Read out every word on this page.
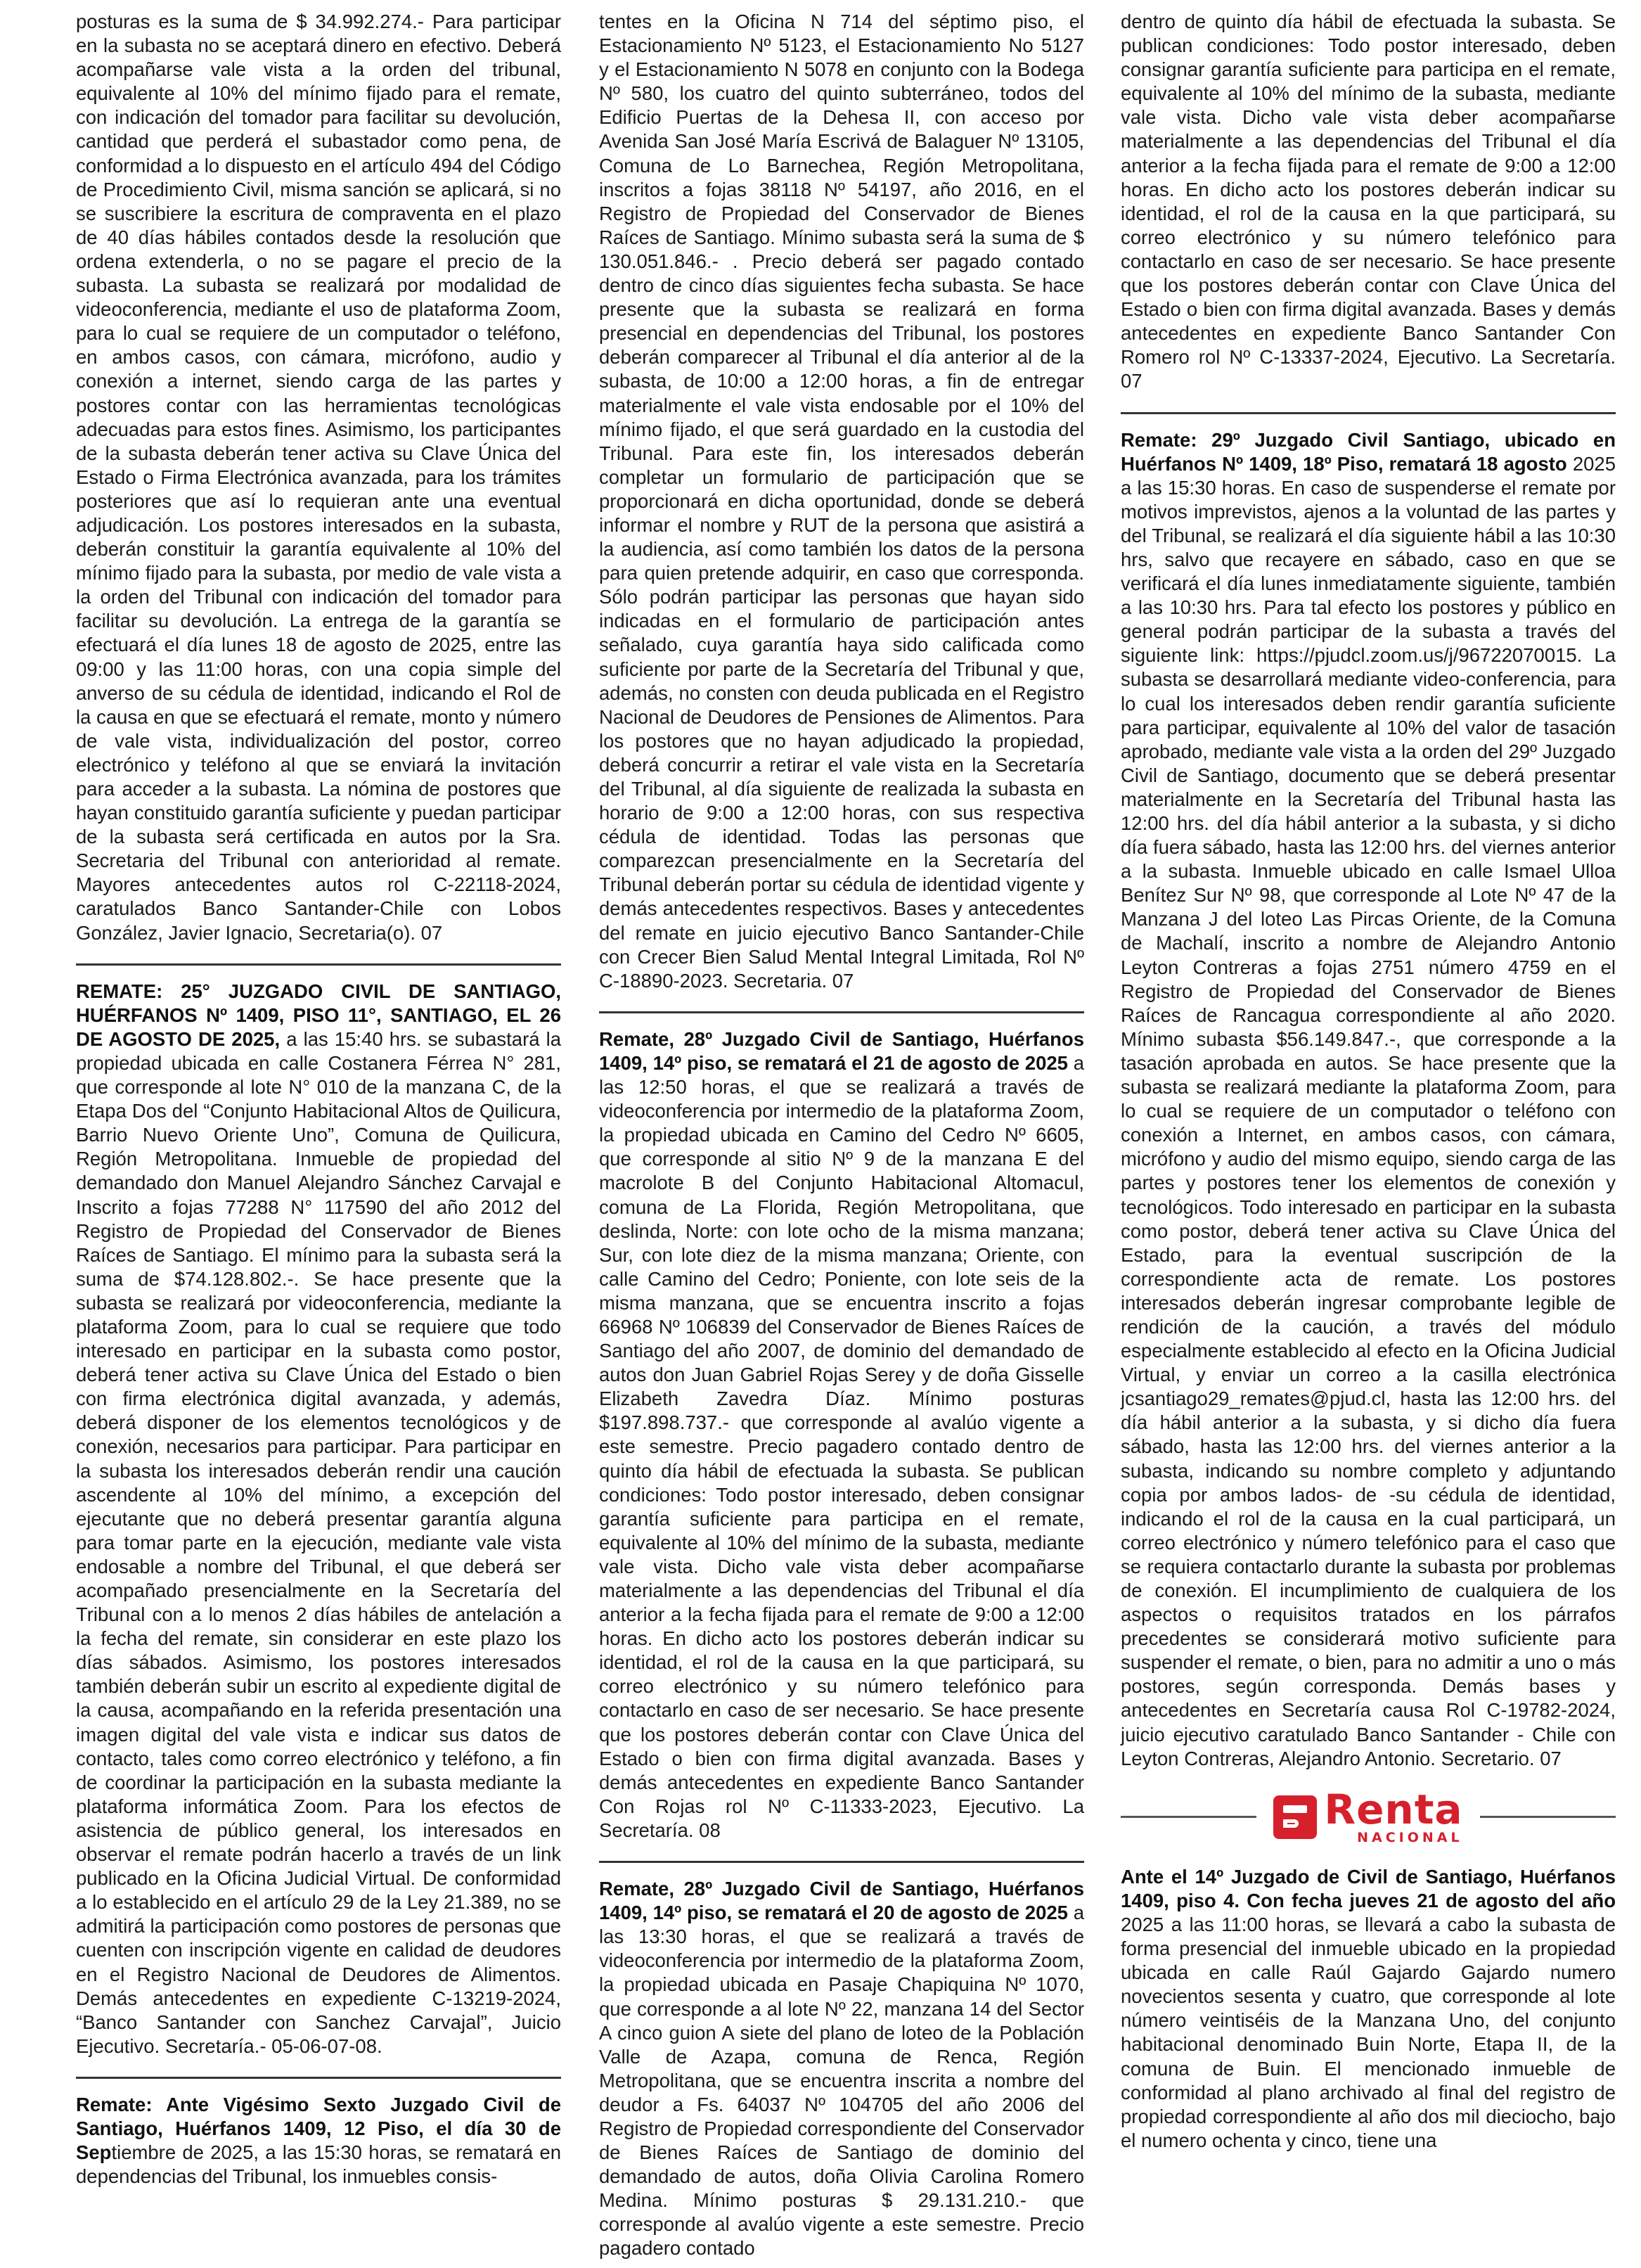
posturas es la suma de $ 34.992.274.- Para participar en la subasta no se aceptará dinero en efectivo. Deberá acompañarse vale vista a la orden del tribunal, equivalente al 10% del mínimo fijado para el remate, con indicación del tomador para facilitar su devolución, cantidad que perderá el subastador como pena, de conformidad a lo dispuesto en el artículo 494 del Código de Procedimiento Civil, misma sanción se aplicará, si no se suscribiere la escritura de compraventa en el plazo de 40 días hábiles contados desde la resolución que ordena extenderla, o no se pagare el precio de la subasta. La subasta se realizará por modalidad de videoconferencia, mediante el uso de plataforma Zoom, para lo cual se requiere de un computador o teléfono, en ambos casos, con cámara, micrófono, audio y conexión a internet, siendo carga de las partes y postores contar con las herramientas tecnológicas adecuadas para estos fines. Asimismo, los participantes de la subasta deberán tener activa su Clave Única del Estado o Firma Electrónica avanzada, para los trámites posteriores que así lo requieran ante una eventual adjudicación. Los postores interesados en la subasta, deberán constituir la garantía equivalente al 10% del mínimo fijado para la subasta, por medio de vale vista a la orden del Tribunal con indicación del tomador para facilitar su devolución. La entrega de la garantía se efectuará el día lunes 18 de agosto de 2025, entre las 09:00 y las 11:00 horas, con una copia simple del anverso de su cédula de identidad, indicando el Rol de la causa en que se efectuará el remate, monto y número de vale vista, individualización del postor, correo electrónico y teléfono al que se enviará la invitación para acceder a la subasta. La nómina de postores que hayan constituido garantía suficiente y puedan participar de la subasta será certificada en autos por la Sra. Secretaria del Tribunal con anterioridad al remate. Mayores antecedentes autos rol C-22118-2024, caratulados Banco Santander-Chile con Lobos González, Javier Ignacio, Secretaria(o). 07

REMATE: 25° JUZGADO CIVIL DE SANTIAGO, HUÉRFANOS Nº 1409, PISO 11°, SANTIAGO, EL 26 DE AGOSTO DE 2025, a las 15:40 hrs. se subastará la propiedad ubicada en calle Costanera Férrea N° 281, que corresponde al lote N° 010 de la manzana C, de la Etapa Dos del “Conjunto Habitacional Altos de Quilicura, Barrio Nuevo Oriente Uno”, Comuna de Quilicura, Región Metropolitana. Inmueble de propiedad del demandado don Manuel Alejandro Sánchez Carvajal e Inscrito a fojas 77288 N° 117590 del año 2012 del Registro de Propiedad del Conservador de Bienes Raíces de Santiago. El mínimo para la subasta será la suma de $74.128.802.-. Se hace presente que la subasta se realizará por videoconferencia, mediante la plataforma Zoom, para lo cual se requiere que todo interesado en participar en la subasta como postor, deberá tener activa su Clave Única del Estado o bien con firma electrónica digital avanzada, y además, deberá disponer de los elementos tecnológicos y de conexión, necesarios para participar. Para participar en la subasta los interesados deberán rendir una caución ascendente al 10% del mínimo, a excepción del ejecutante que no deberá presentar garantía alguna para tomar parte en la ejecución, mediante vale vista endosable a nombre del Tribunal, el que deberá ser acompañado presencialmente en la Secretaría del Tribunal con a lo menos 2 días hábiles de antelación a la fecha del remate, sin considerar en este plazo los días sábados. Asimismo, los postores interesados también deberán subir un escrito al expediente digital de la causa, acompañando en la referida presentación una imagen digital del vale vista e indicar sus datos de contacto, tales como correo electrónico y teléfono, a fin de coordinar la participación en la subasta mediante la plataforma informática Zoom. Para los efectos de asistencia de público general, los interesados en observar el remate podrán hacerlo a través de un link publicado en la Oficina Judicial Virtual. De conformidad a lo establecido en el artículo 29 de la Ley 21.389, no se admitirá la participación como postores de personas que cuenten con inscripción vigente en calidad de deudores en el Registro Nacional de Deudores de Alimentos. Demás antecedentes en expediente C-13219-2024, “Banco Santander con Sanchez Carvajal”, Juicio Ejecutivo. Secretaría.- 05-06-07-08.

Remate: Ante Vigésimo Sexto Juzgado Civil de Santiago, Huérfanos 1409, 12 Piso, el día 30 de Septiembre de 2025, a las 15:30 horas, se rematará en dependencias del Tribunal, los inmuebles consis-

tentes en la Oficina N 714 del séptimo piso, el Estacionamiento Nº 5123, el Estacionamiento No 5127 y el Estacionamiento N 5078 en conjunto con la Bodega Nº 580, los cuatro del quinto subterráneo, todos del Edificio Puertas de la Dehesa II, con acceso por Avenida San José María Escrivá de Balaguer Nº 13105, Comuna de Lo Barnechea, Región Metropolitana, inscritos a fojas 38118 Nº 54197, año 2016, en el Registro de Propiedad del Conservador de Bienes Raíces de Santiago. Mínimo subasta será la suma de $ 130.051.846.- . Precio deberá ser pagado contado dentro de cinco días siguientes fecha subasta. Se hace presente que la subasta se realizará en forma presencial en dependencias del Tribunal, los postores deberán comparecer al Tribunal el día anterior al de la subasta, de 10:00 a 12:00 horas, a fin de entregar materialmente el vale vista endosable por el 10% del mínimo fijado, el que será guardado en la custodia del Tribunal. Para este fin, los interesados deberán completar un formulario de participación que se proporcionará en dicha oportunidad, donde se deberá informar el nombre y RUT de la persona que asistirá a la audiencia, así como también los datos de la persona para quien pretende adquirir, en caso que corresponda. Sólo podrán participar las personas que hayan sido indicadas en el formulario de participación antes señalado, cuya garantía haya sido calificada como suficiente por parte de la Secretaría del Tribunal y que, además, no consten con deuda publicada en el Registro Nacional de Deudores de Pensiones de Alimentos. Para los postores que no hayan adjudicado la propiedad, deberá concurrir a retirar el vale vista en la Secretaría del Tribunal, al día siguiente de realizada la subasta en horario de 9:00 a 12:00 horas, con sus respectiva cédula de identidad. Todas las personas que comparezcan presencialmente en la Secretaría del Tribunal deberán portar su cédula de identidad vigente y demás antecedentes respectivos. Bases y antecedentes del remate en juicio ejecutivo Banco Santander-Chile con Crecer Bien Salud Mental Integral Limitada, Rol Nº C-18890-2023. Secretaria. 07

Remate, 28º Juzgado Civil de Santiago, Huérfanos 1409, 14º piso, se rematará el 21 de agosto de 2025 a las 12:50 horas, el que se realizará a través de videoconferencia por intermedio de la plataforma Zoom, la propiedad ubicada en Camino del Cedro Nº 6605, que corresponde al sitio Nº 9 de la manzana E del macrolote B del Conjunto Habitacional Altomacul, comuna de La Florida, Región Metropolitana, que deslinda, Norte: con lote ocho de la misma manzana; Sur, con lote diez de la misma manzana; Oriente, con calle Camino del Cedro; Poniente, con lote seis de la misma manzana, que se encuentra inscrito a fojas 66968 Nº 106839 del Conservador de Bienes Raíces de Santiago del año 2007, de dominio del demandado de autos don Juan Gabriel Rojas Serey y de doña Gisselle Elizabeth Zavedra Díaz. Mínimo posturas $197.898.737.- que corresponde al avalúo vigente a este semestre. Precio pagadero contado dentro de quinto día hábil de efectuada la subasta. Se publican condiciones: Todo postor interesado, deben consignar garantía suficiente para participa en el remate, equivalente al 10% del mínimo de la subasta, mediante vale vista. Dicho vale vista deber acompañarse materialmente a las dependencias del Tribunal el día anterior a la fecha fijada para el remate de 9:00 a 12:00 horas. En dicho acto los postores deberán indicar su identidad, el rol de la causa en la que participará, su correo electrónico y su número telefónico para contactarlo en caso de ser necesario. Se hace presente que los postores deberán contar con Clave Única del Estado o bien con firma digital avanzada. Bases y demás antecedentes en expediente Banco Santander Con Rojas rol Nº C-11333-2023, Ejecutivo. La Secretaría. 08

Remate, 28º Juzgado Civil de Santiago, Huérfanos 1409, 14º piso, se rematará el 20 de agosto de 2025 a las 13:30 horas, el que se realizará a través de videoconferencia por intermedio de la plataforma Zoom, la propiedad ubicada en Pasaje Chapiquina Nº 1070, que corresponde a al lote Nº 22, manzana 14 del Sector A cinco guion A siete del plano de loteo de la Población Valle de Azapa, comuna de Renca, Región Metropolitana, que se encuentra inscrita a nombre del deudor a Fs. 64037 Nº 104705 del año 2006 del Registro de Propiedad correspondiente del Conservador de Bienes Raíces de Santiago de dominio del demandado de autos, doña Olivia Carolina Romero Medina. Mínimo posturas $ 29.131.210.- que corresponde al avalúo vigente a este semestre. Precio pagadero contado

dentro de quinto día hábil de efectuada la subasta. Se publican condiciones: Todo postor interesado, deben consignar garantía suficiente para participa en el remate, equivalente al 10% del mínimo de la subasta, mediante vale vista. Dicho vale vista deber acompañarse materialmente a las dependencias del Tribunal el día anterior a la fecha fijada para el remate de 9:00 a 12:00 horas. En dicho acto los postores deberán indicar su identidad, el rol de la causa en la que participará, su correo electrónico y su número telefónico para contactarlo en caso de ser necesario. Se hace presente que los postores deberán contar con Clave Única del Estado o bien con firma digital avanzada. Bases y demás antecedentes en expediente Banco Santander Con Romero rol Nº C-13337-2024, Ejecutivo. La Secretaría. 07

Remate: 29º Juzgado Civil Santiago, ubicado en Huérfanos Nº 1409, 18º Piso, rematará 18 agosto 2025 a las 15:30 horas. En caso de suspenderse el remate por motivos imprevistos, ajenos a la voluntad de las partes y del Tribunal, se realizará el día siguiente hábil a las 10:30 hrs, salvo que recayere en sábado, caso en que se verificará el día lunes inmediatamente siguiente, también a las 10:30 hrs. Para tal efecto los postores y público en general podrán participar de la subasta a través del siguiente link: https://pjudcl.zoom.us/j/96722070015. La subasta se desarrollará mediante video-conferencia, para lo cual los interesados deben rendir garantía suficiente para participar, equivalente al 10% del valor de tasación aprobado, mediante vale vista a la orden del 29º Juzgado Civil de Santiago, documento que se deberá presentar materialmente en la Secretaría del Tribunal hasta las 12:00 hrs. del día hábil anterior a la subasta, y si dicho día fuera sábado, hasta las 12:00 hrs. del viernes anterior a la subasta. Inmueble ubicado en calle Ismael Ulloa Benítez Sur Nº 98, que corresponde al Lote Nº 47 de la Manzana J del loteo Las Pircas Oriente, de la Comuna de Machalí, inscrito a nombre de Alejandro Antonio Leyton Contreras a fojas 2751 número 4759 en el Registro de Propiedad del Conservador de Bienes Raíces de Rancagua correspondiente al año 2020. Mínimo subasta $56.149.847.-, que corresponde a la tasación aprobada en autos. Se hace presente que la subasta se realizará mediante la plataforma Zoom, para lo cual se requiere de un computador o teléfono con conexión a Internet, en ambos casos, con cámara, micrófono y audio del mismo equipo, siendo carga de las partes y postores tener los elementos de conexión y tecnológicos. Todo interesado en participar en la subasta como postor, deberá tener activa su Clave Única del Estado, para la eventual suscripción de la correspondiente acta de remate. Los postores interesados deberán ingresar comprobante legible de rendición de la caución, a través del módulo especialmente establecido al efecto en la Oficina Judicial Virtual, y enviar un correo a la casilla electrónica jcsantiago29_remates@pjud.cl, hasta las 12:00 hrs. del día hábil anterior a la subasta, y si dicho día fuera sábado, hasta las 12:00 hrs. del viernes anterior a la subasta, indicando su nombre completo y adjuntando copia por ambos lados- de -su cédula de identidad, indicando el rol de la causa en la cual participará, un correo electrónico y número telefónico para el caso que se requiera contactarlo durante la subasta por problemas de conexión. El incumplimiento de cualquiera de los aspectos o requisitos tratados en los párrafos precedentes se considerará motivo suficiente para suspender el remate, o bien, para no admitir a uno o más postores, según corresponda. Demás bases y antecedentes en Secretaría causa Rol C-19782-2024, juicio ejecutivo caratulado Banco Santander - Chile con Leyton Contreras, Alejandro Antonio. Secretario. 07

Renta
NACIONAL

Ante el 14º Juzgado de Civil de Santiago, Huérfanos 1409, piso 4. Con fecha jueves 21 de agosto del año 2025 a las 11:00 horas, se llevará a cabo la subasta de forma presencial del inmueble ubicado en la propiedad ubicada en calle Raúl Gajardo Gajardo numero novecientos sesenta y cuatro, que corresponde al lote número veintiséis de la Manzana Uno, del conjunto habitacional denominado Buin Norte, Etapa II, de la comuna de Buin. El mencionado inmueble de conformidad al plano archivado al final del registro de propiedad correspondiente al año dos mil dieciocho, bajo el numero ochenta y cinco, tiene una
